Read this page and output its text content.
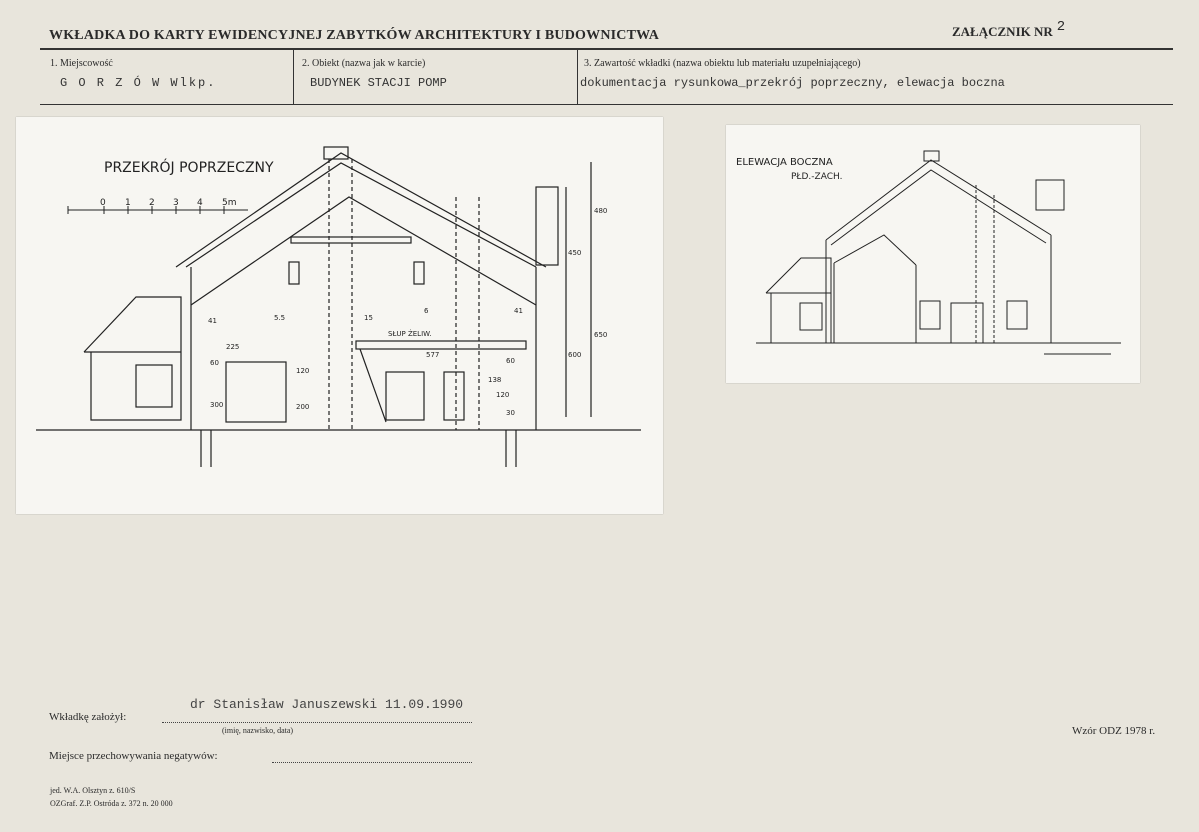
WKŁADKA DO KARTY EWIDENCYJNEJ ZABYTKÓW ARCHITEKTURY I BUDOWNICTWA	ZAŁĄCZNIK NR 2
1. Miejscowość
G O R Z Ó W Wlkp.
2. Obiekt (nazwa jak w karcie)
BUDYNEK STACJI POMP
3. Zawartość wkładki (nazwa obiektu lub materiału uzupełniającego)
dokumentacja rysunkowa_przekrój poprzeczny, elewacja boczna
PRZEKRÓJ POPRZECZNY
0 1 2 3 4 5m
480
450
650
600
5.5
6
41
41
225
60
120
300	200
577
138
60
120
30
15
SŁUP ŻELIW.
ELEWACJA BOCZNA
PŁD.-ZACH.
Wkładkę założył:
dr Stanisław Januszewski 11.09.1990
(imię, nazwisko, data)
Miejsce przechowywania negatywów:
Wzór ODZ 1978 r.
jed. W.A. Olsztyn z. 610/S
OZGraf. Z.P. Ostróda z. 372 n. 20 000
